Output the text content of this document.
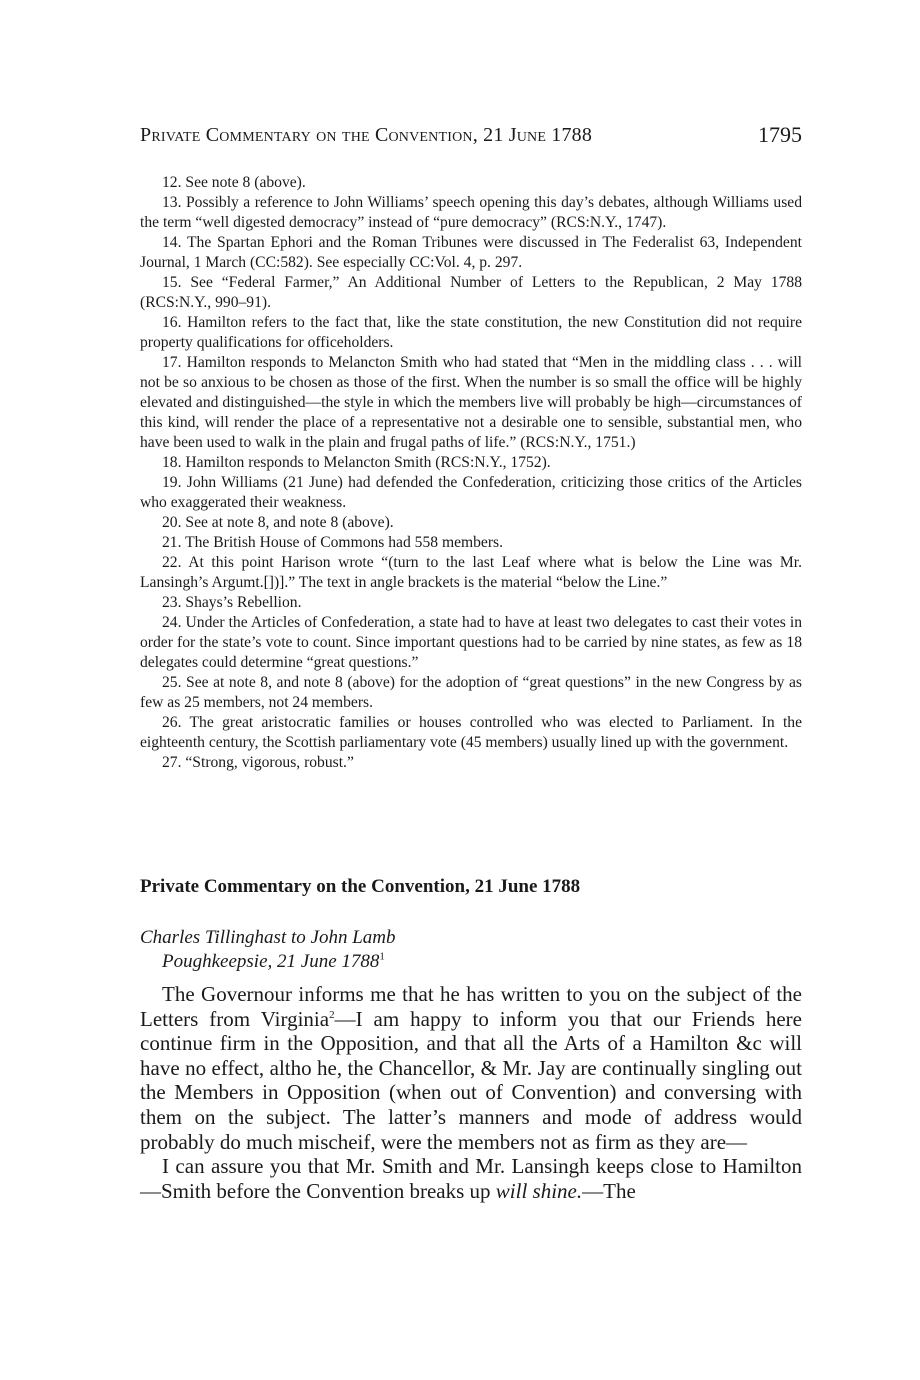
Private Commentary on the Convention, 21 June 1788	1795

12. See note 8 (above).

13. Possibly a reference to John Williams’ speech opening this day’s debates, although Williams used the term “well digested democracy” instead of “pure democracy” (RCS:N.Y., 1747).

14. The Spartan Ephori and the Roman Tribunes were discussed in The Federalist 63, Independent Journal, 1 March (CC:582). See especially CC:Vol. 4, p. 297.

15. See “Federal Farmer,” An Additional Number of Letters to the Republican, 2 May 1788 (RCS:N.Y., 990–91).

16. Hamilton refers to the fact that, like the state constitution, the new Constitution did not require property qualifications for officeholders.

17. Hamilton responds to Melancton Smith who had stated that “Men in the middling class . . . will not be so anxious to be chosen as those of the first. When the number is so small the office will be highly elevated and distinguished—the style in which the members live will probably be high—circumstances of this kind, will render the place of a representative not a desirable one to sensible, substantial men, who have been used to walk in the plain and frugal paths of life.” (RCS:N.Y., 1751.)

18. Hamilton responds to Melancton Smith (RCS:N.Y., 1752).

19. John Williams (21 June) had defended the Confederation, criticizing those critics of the Articles who exaggerated their weakness.

20. See at note 8, and note 8 (above).

21. The British House of Commons had 558 members.

22. At this point Harison wrote “(turn to the last Leaf where what is below the Line was Mr. Lansingh’s Argumt.[])].” The text in angle brackets is the material “below the Line.”

23. Shays’s Rebellion.

24. Under the Articles of Confederation, a state had to have at least two delegates to cast their votes in order for the state’s vote to count. Since important questions had to be carried by nine states, as few as 18 delegates could determine “great questions.”

25. See at note 8, and note 8 (above) for the adoption of “great questions” in the new Congress by as few as 25 members, not 24 members.

26. The great aristocratic families or houses controlled who was elected to Parliament. In the eighteenth century, the Scottish parliamentary vote (45 members) usually lined up with the government.

27. “Strong, vigorous, robust.”

Private Commentary on the Convention, 21 June 1788
Charles Tillinghast to John Lamb
Poughkeepsie, 21 June 1788$^1$

The Governour informs me that he has written to you on the subject of the Letters from Virginia$^2$—I am happy to inform you that our Friends here continue firm in the Opposition, and that all the Arts of a Hamilton &c will have no effect, altho he, the Chancellor, & Mr. Jay are continually singling out the Members in Opposition (when out of Convention) and conversing with them on the subject. The latter’s manners and mode of address would probably do much mischeif, were the members not as firm as they are—

I can assure you that Mr. Smith and Mr. Lansingh keeps close to Hamilton—Smith before the Convention breaks up will shine.—The
